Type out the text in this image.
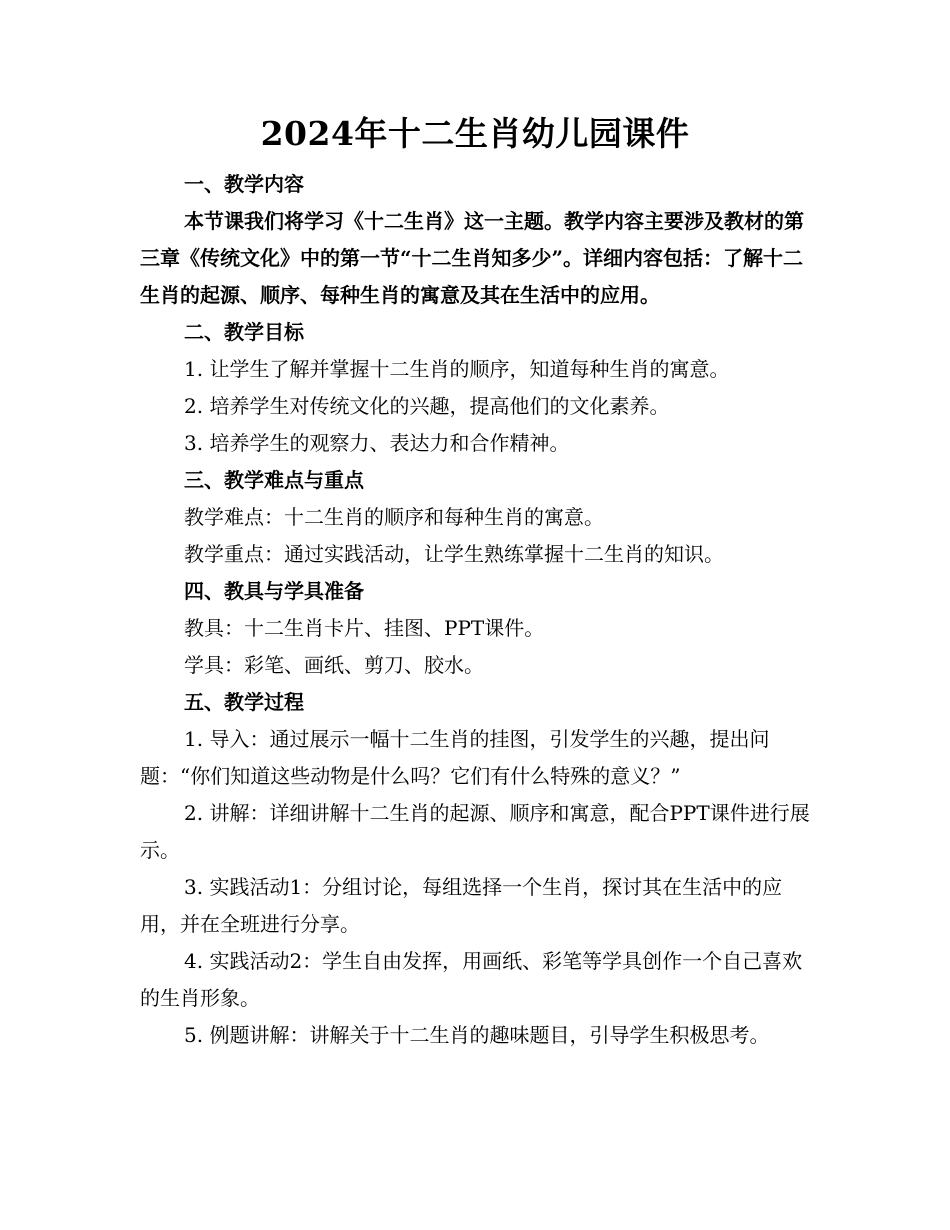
2024年十二生肖幼儿园课件

一、教学内容

本节课我们将学习《十二生肖》这一主题。教学内容主要涉及教材的第三章《传统文化》中的第一节“十二生肖知多少”。详细内容包括：了解十二生肖的起源、顺序、每种生肖的寓意及其在生活中的应用。

二、教学目标

1. 让学生了解并掌握十二生肖的顺序，知道每种生肖的寓意。

2. 培养学生对传统文化的兴趣，提高他们的文化素养。

3. 培养学生的观察力、表达力和合作精神。

三、教学难点与重点

教学难点：十二生肖的顺序和每种生肖的寓意。

教学重点：通过实践活动，让学生熟练掌握十二生肖的知识。

四、教具与学具准备

教具：十二生肖卡片、挂图、PPT课件。

学具：彩笔、画纸、剪刀、胶水。

五、教学过程

1. 导入：通过展示一幅十二生肖的挂图，引发学生的兴趣，提出问题：“你们知道这些动物是什么吗？它们有什么特殊的意义？”

2. 讲解：详细讲解十二生肖的起源、顺序和寓意，配合PPT课件进行展示。

3. 实践活动1：分组讨论，每组选择一个生肖，探讨其在生活中的应用，并在全班进行分享。

4. 实践活动2：学生自由发挥，用画纸、彩笔等学具创作一个自己喜欢的生肖形象。

5. 例题讲解：讲解关于十二生肖的趣味题目，引导学生积极思考。
